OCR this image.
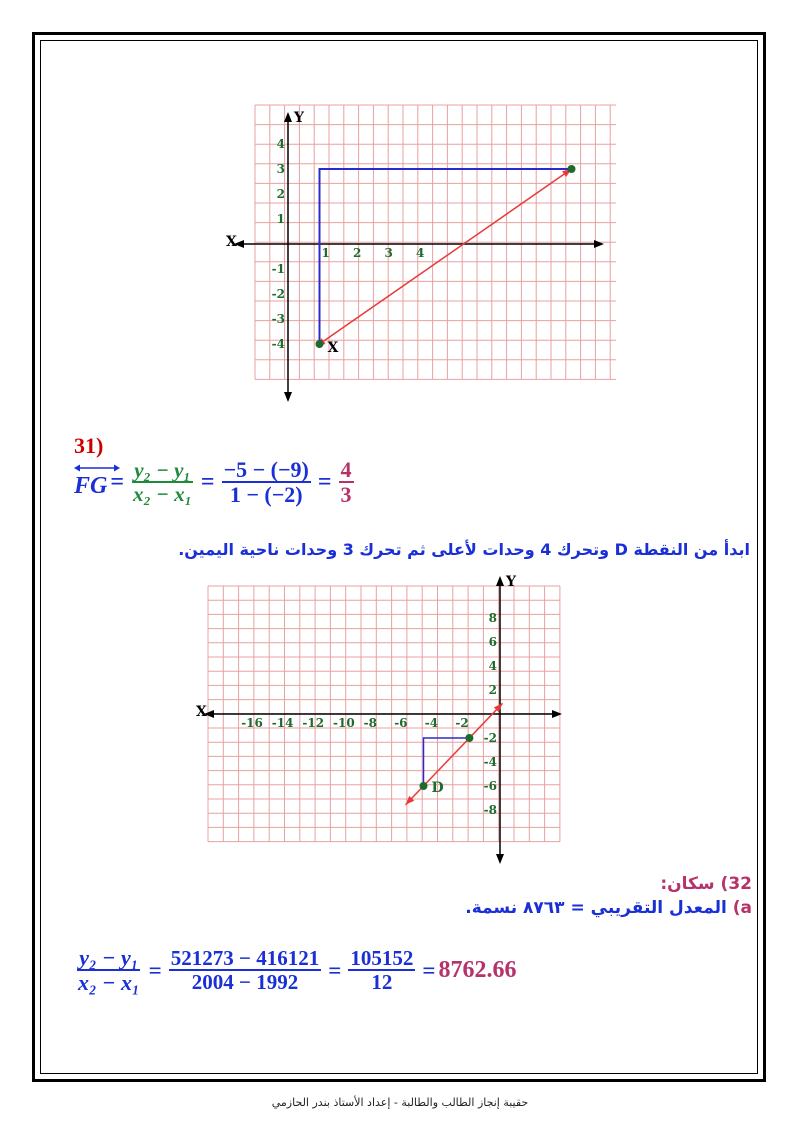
Y
X
1 2 3 4
4
3
2
1
-1
-2
-3
-4	X
31)
FG = $\frac{\text{y₂ − y₁}}{\text{x₂ − x₁}} = \frac{-5 - (-9)}{1 - (-2)} = \frac{4}{3}$
ابدأ من النقطة D وتحرك 4 وحدات لأعلى ثم تحرك 3 وحدات ناحية اليمين.
Y
X
-16 -14 -12 -10 -8 -6 -4 -2
8
6
4
2
-2
-4
-6
-8
D
32) سكان:
a) المعدل التقريبي = ٨٧٦٣ نسمة.
$\frac{\text{y₂ − y₁}}{\text{x₂ − x₁}} = \frac{521273 - 416121}{2004 - 1992} = \frac{105152}{12} = 8762.66$
حقيبة إنجاز الطالب والطالبة - إعداد الأستاذ بندر الحازمي
